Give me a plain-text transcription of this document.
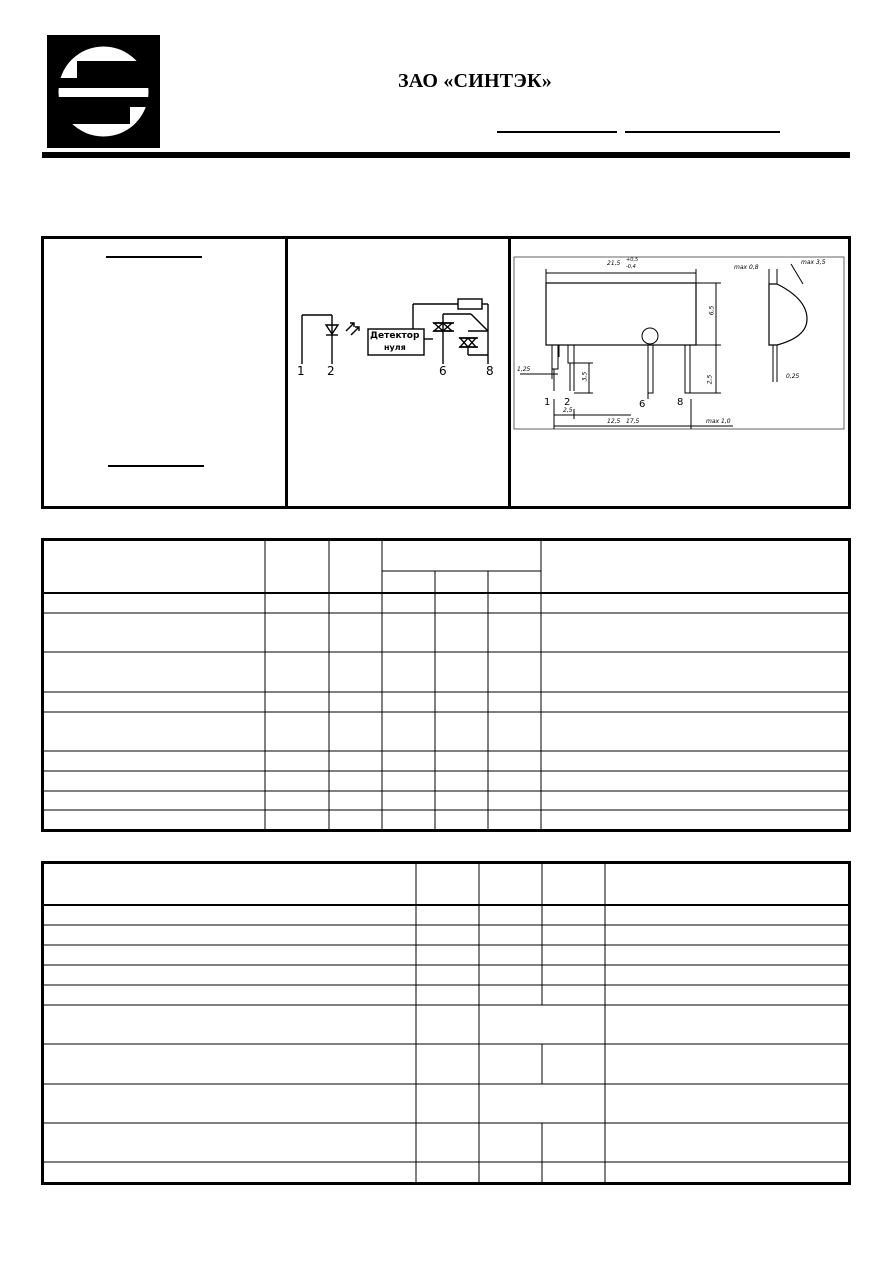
ЗАО «СИНТЭК»
Детектор
нуля
1 2	6	8
21,5 +0,5
-0,4
6,5
max 0,8
max 3,5
1,25
3,5	2,5	0,25
2,5
12,5 17,5	max 1,0
1 2	6	8
